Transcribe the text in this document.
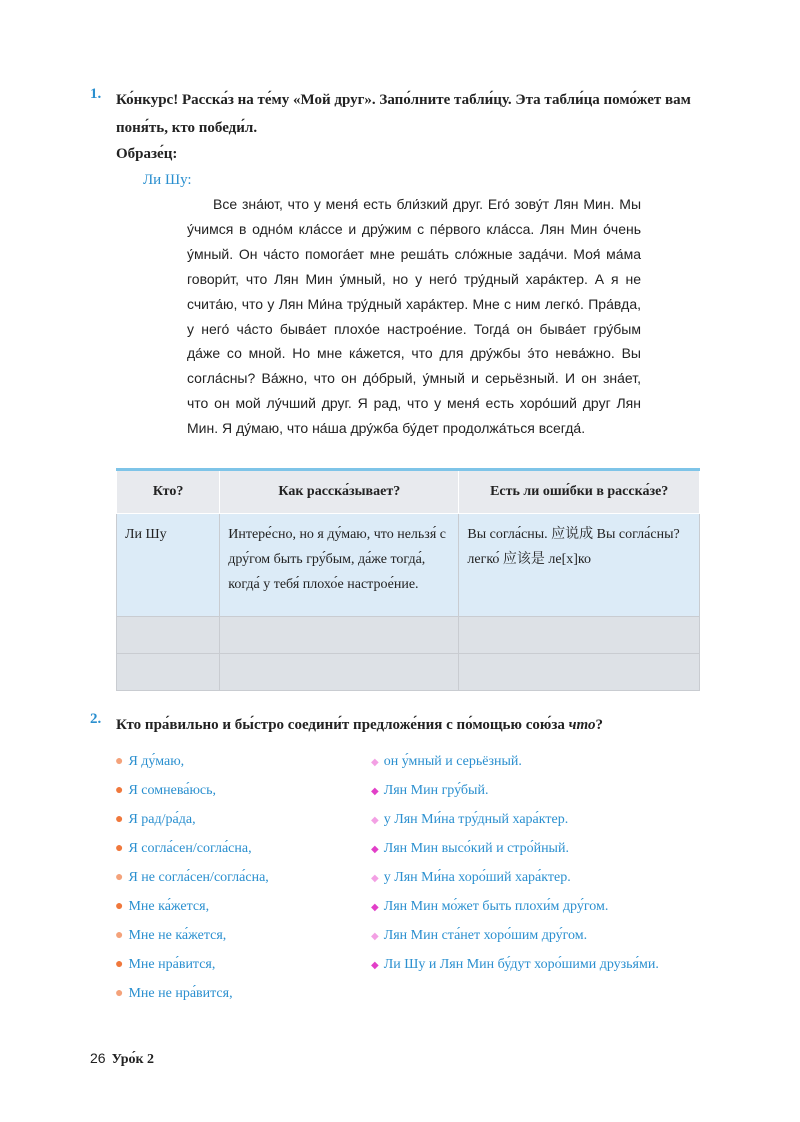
1. Ко́нкурс! Расска́з на те́му «Мой друг». Запо́лните табли́цу. Эта табли́ца помо́жет вам поня́ть, кто победи́л.
Образе́ц:
Ли Шу:

Все зна́ют, что у меня́ есть бли́зкий друг. Его́ зову́т Лян Мин. Мы у́чимся в одно́м кла́ссе и дру́жим с пе́рвого кла́сса. Лян Мин о́чень у́мный. Он ча́сто помога́ет мне реша́ть сло́жные зада́чи. Моя́ ма́ма говори́т, что Лян Мин у́мный, но у него́ тру́дный хара́ктер. А я не счита́ю, что у Лян Ми́на тру́дный хара́ктер. Мне с ним легко́. Пра́вда, у него́ ча́сто быва́ет плохо́е настрое́ние. Тогда́ он быва́ет гру́бым да́же со мной. Но мне ка́жется, что для дру́жбы э́то нева́жно. Вы согла́сны? Ва́жно, что он до́брый, у́мный и серьёзный. И он зна́ет, что он мой лу́чший друг. Я рад, что у меня́ есть хоро́ший друг Лян Мин. Я ду́маю, что на́ша дру́жба бу́дет продолжа́ться всегда́.

Кто?	Как расска́зывает?	Есть ли оши́бки в расска́зе?
Ли Шу	Интере́сно, но я ду́маю, что нельзя́ с дру́гом быть гру́бым, да́же тогда́, когда́ у тебя́ плохо́е настрое́ние.	Вы согла́сны. 应说成 Вы согла́сны?
легко́ 应该是 ле[х]ко

2. Кто пра́вильно и бы́стро соедини́т предложе́ния с по́мощью сою́за что?
● Я ду́маю,
● Я сомнева́юсь,
● Я рад/ра́да,
● Я согла́сен/согла́сна,
● Я не согла́сен/согла́сна,
● Мне ка́жется,
● Мне не ка́жется,
● Мне нра́вится,
● Мне не нра́вится,
◆ он у́мный и серьёзный.
◆ Лян Мин гру́бый.
◆ у Лян Ми́на тру́дный хара́ктер.
◆ Лян Мин высо́кий и стро́йный.
◆ у Лян Ми́на хоро́ший хара́ктер.
◆ Лян Мин мо́жет быть плохи́м дру́гом.
◆ Лян Мин ста́нет хоро́шим дру́гом.
◆ Ли Шу и Лян Мин бу́дут хоро́шими друзья́ми.
26 Уро́к 2
